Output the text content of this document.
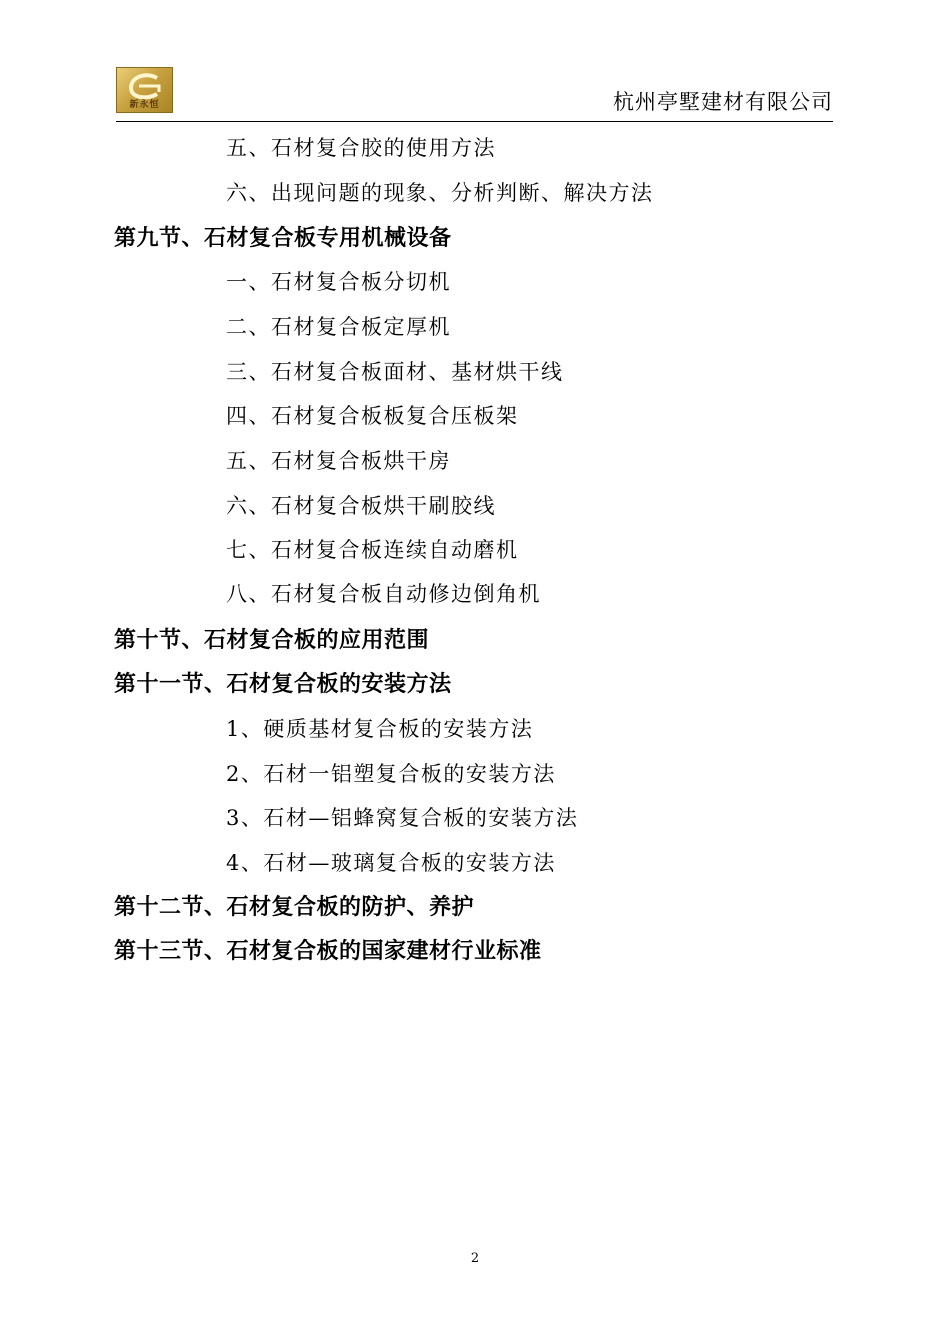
新永恒	杭州亭墅建材有限公司
五、石材复合胶的使用方法
六、出现问题的现象、分析判断、解决方法
第九节、石材复合板专用机械设备
一、石材复合板分切机
二、石材复合板定厚机
三、石材复合板面材、基材烘干线
四、石材复合板板复合压板架
五、石材复合板烘干房
六、石材复合板烘干刷胶线
七、石材复合板连续自动磨机
八、石材复合板自动修边倒角机
第十节、石材复合板的应用范围
第十一节、石材复合板的安装方法
1、硬质基材复合板的安装方法
2、石材一铝塑复合板的安装方法
3、石材—铝蜂窝复合板的安装方法
4、石材—玻璃复合板的安装方法
第十二节、石材复合板的防护、养护
第十三节、石材复合板的国家建材行业标准
2
